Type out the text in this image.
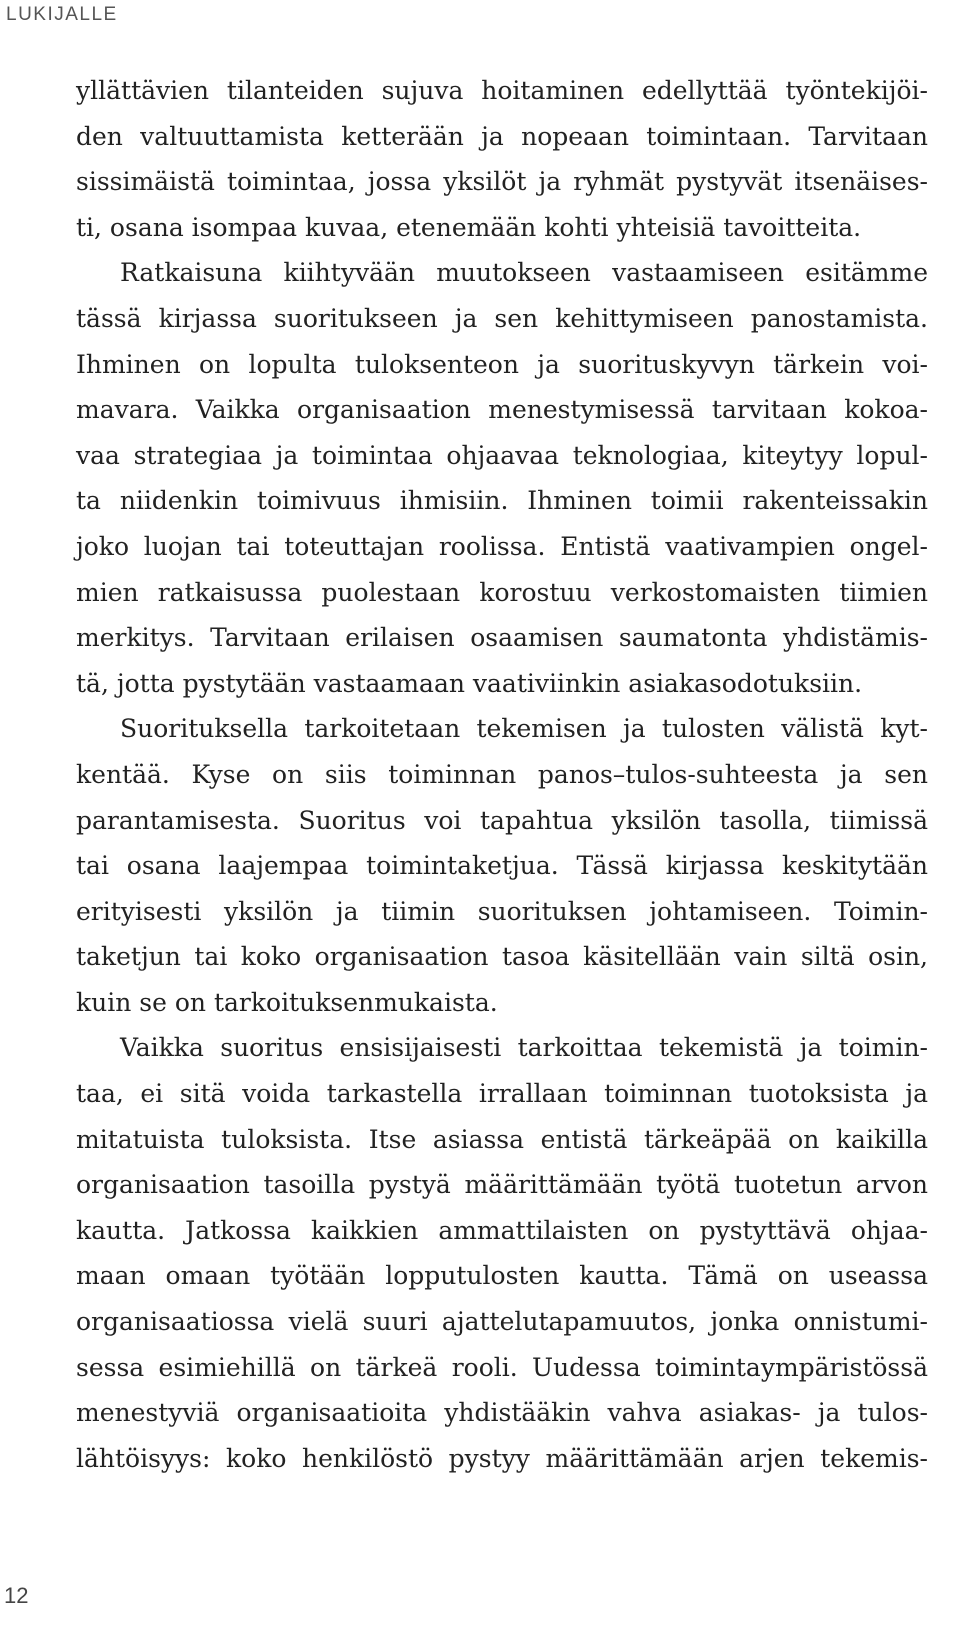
LUKIJALLE
yllättävien tilanteiden sujuva hoitaminen edellyttää työntekijöi-
den valtuuttamista ketterään ja nopeaan toimintaan. Tarvitaan
sissimäistä toimintaa, jossa yksilöt ja ryhmät pystyvät itsenäises-
ti, osana isompaa kuvaa, etenemään kohti yhteisiä tavoitteita.
Ratkaisuna kiihtyvään muutokseen vastaamiseen esitämme
tässä kirjassa suoritukseen ja sen kehittymiseen panostamista.
Ihminen on lopulta tuloksenteon ja suorituskyvyn tärkein voi-
mavara. Vaikka organisaation menestymisessä tarvitaan kokoa-
vaa strategiaa ja toimintaa ohjaavaa teknologiaa, kiteytyy lopul-
ta niidenkin toimivuus ihmisiin. Ihminen toimii rakenteissakin
joko luojan tai toteuttajan roolissa. Entistä vaativampien ongel-
mien ratkaisussa puolestaan korostuu verkostomaisten tiimien
merkitys. Tarvitaan erilaisen osaamisen saumatonta yhdistämis-
tä, jotta pystytään vastaamaan vaativiinkin asiakasodotuksiin.
Suorituksella tarkoitetaan tekemisen ja tulosten välistä kyt-
kentää. Kyse on siis toiminnan panos–tulos-suhteesta ja sen
parantamisesta. Suoritus voi tapahtua yksilön tasolla, tiimissä
tai osana laajempaa toimintaketjua. Tässä kirjassa keskitytään
erityisesti yksilön ja tiimin suorituksen johtamiseen. Toimin-
taketjun tai koko organisaation tasoa käsitellään vain siltä osin,
kuin se on tarkoituksenmukaista.
Vaikka suoritus ensisijaisesti tarkoittaa tekemistä ja toimin-
taa, ei sitä voida tarkastella irrallaan toiminnan tuotoksista ja
mitatuista tuloksista. Itse asiassa entistä tärkeäpää on kaikilla
organisaation tasoilla pystyä määrittämään työtä tuotetun arvon
kautta. Jatkossa kaikkien ammattilaisten on pystyttävä ohjaa-
maan omaan työtään lopputulosten kautta. Tämä on useassa
organisaatiossa vielä suuri ajattelutapamuutos, jonka onnistumi-
sessa esimiehillä on tärkeä rooli. Uudessa toimintaympäristössä
menestyviä organisaatioita yhdistääkin vahva asiakas- ja tulos-
lähtöisyys: koko henkilöstö pystyy määrittämään arjen tekemis-
12
